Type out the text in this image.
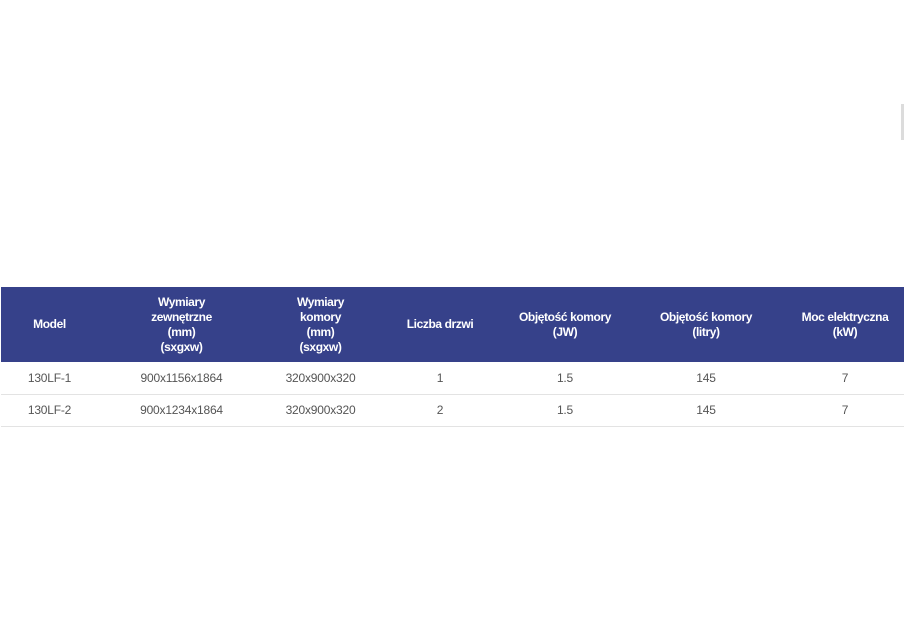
Model	Wymiary
zewnętrzne
(mm)
(sxgxw)	Wymiary
komory
(mm)
(sxgxw)	Liczba drzwi	Objętość komory
(JW)	Objętość komory
(litry)	Moc elektryczna
(kW)
130LF-1	900x1156x1864	320x900x320	1	1.5	145	7
130LF-2	900x1234x1864	320x900x320	2	1.5	145	7
